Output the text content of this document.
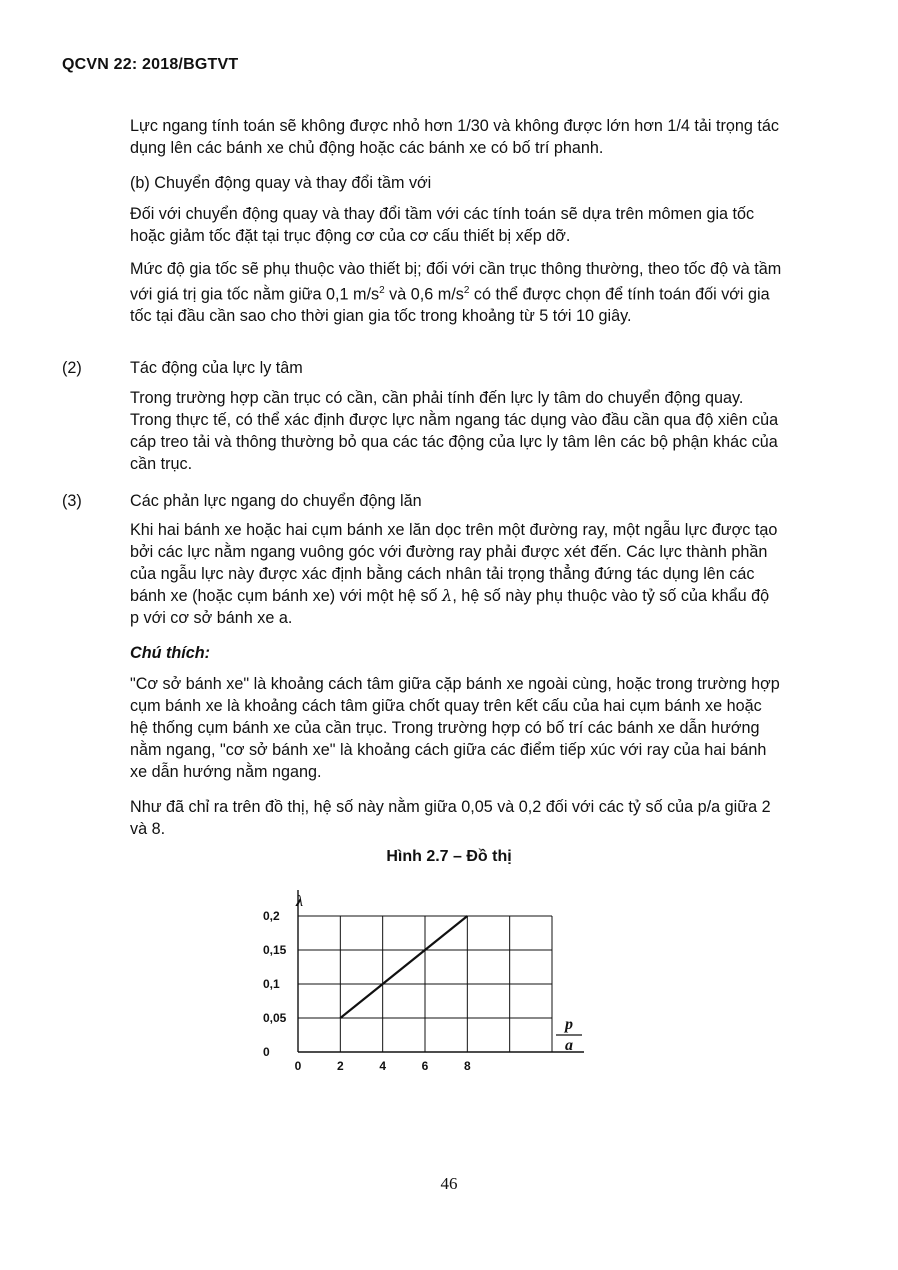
QCVN 22: 2018/BGTVT

Lực ngang tính toán sẽ không được nhỏ hơn 1/30 và không được lớn hơn 1/4 tải trọng tác dụng lên các bánh xe chủ động hoặc các bánh xe có bố trí phanh.

(b) Chuyển động quay và thay đổi tầm với

Đối với chuyển động quay và thay đổi tầm với các tính toán sẽ dựa trên mômen gia tốc hoặc giảm tốc đặt tại trục động cơ của cơ cấu thiết bị xếp dỡ.

Mức độ gia tốc sẽ phụ thuộc vào thiết bị; đối với cần trục thông thường, theo tốc độ và tầm với giá trị gia tốc nằm giữa 0,1 $m/s^2$ và 0,6 $m/s^2$ có thể được chọn để tính toán đối với gia tốc tại đầu cần sao cho thời gian gia tốc trong khoảng từ 5 tới 10 giây.

(2)	Tác động của lực ly tâm

Trong trường hợp cần trục có cần, cần phải tính đến lực ly tâm do chuyển động quay. Trong thực tế, có thể xác định được lực nằm ngang tác dụng vào đầu cần qua độ xiên của cáp treo tải và thông thường bỏ qua các tác động của lực ly tâm lên các bộ phận khác của cần trục.

(3)	Các phản lực ngang do chuyển động lăn

Khi hai bánh xe hoặc hai cụm bánh xe lăn dọc trên một đường ray, một ngẫu lực được tạo bởi các lực nằm ngang vuông góc với đường ray phải được xét đến. Các lực thành phần của ngẫu lực này được xác định bằng cách nhân tải trọng thẳng đứng tác dụng lên các bánh xe (hoặc cụm bánh xe) với một hệ số λ, hệ số này phụ thuộc vào tỷ số của khẩu độ p với cơ sở bánh xe a.

Chú thích:

"Cơ sở bánh xe" là khoảng cách tâm giữa cặp bánh xe ngoài cùng, hoặc trong trường hợp cụm bánh xe là khoảng cách tâm giữa chốt quay trên kết cấu của hai cụm bánh xe hoặc hệ thống cụm bánh xe của cần trục. Trong trường hợp có bố trí các bánh xe dẫn hướng nằm ngang, "cơ sở bánh xe" là khoảng cách giữa các điểm tiếp xúc với ray của hai bánh xe dẫn hướng nằm ngang.

Như đã chỉ ra trên đồ thị, hệ số này nằm giữa 0,05 và 0,2 đối với các tỷ số của p/a giữa 2 và 8.

Hình 2.7 – Đồ thị
0
0,05
0,1
0,15
0,2
0	2	4	6	8
λ
p
a
46
